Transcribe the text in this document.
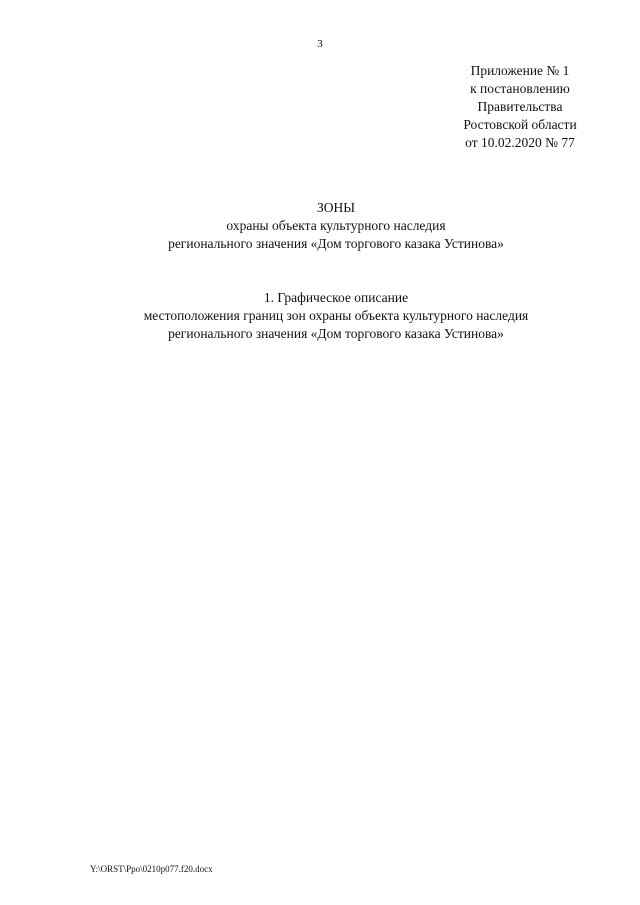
3
Приложение № 1
к постановлению
Правительства
Ростовской области
от 10.02.2020 № 77
ЗОНЫ
охраны объекта культурного наследия
регионального значения «Дом торгового казака Устинова»
1. Графическое описание
местоположения границ зон охраны объекта культурного наследия
регионального значения «Дом торгового казака Устинова»
Y:\ORST\Ppo\0210p077.f20.docx
